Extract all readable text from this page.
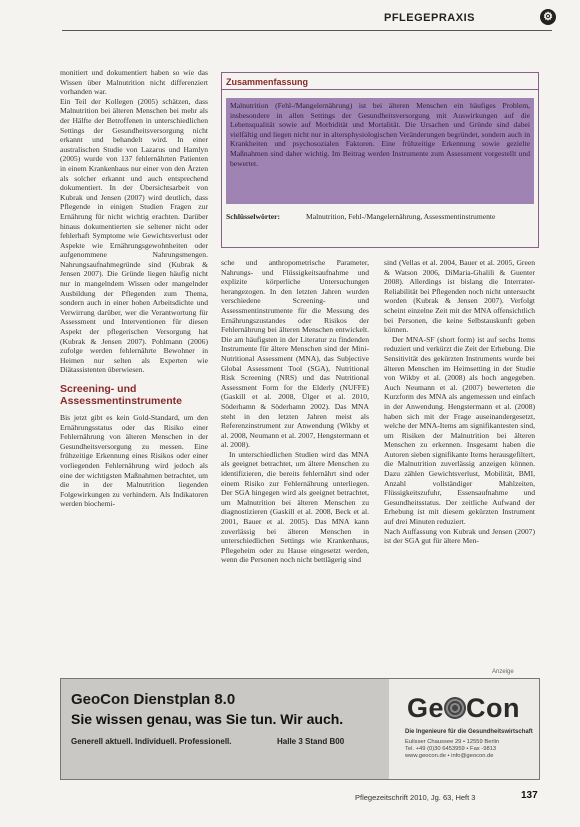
PFLEGEPRAXIS	⚙

monitiert und dokumentiert haben so wie das Wissen über Malnutrition nicht differenziert vorhanden war.

Ein Teil der Kollegen (2005) schätzen, dass Malnutrition bei älteren Menschen bei mehr als der Hälfte der Betroffenen in unterschiedlichen Settings der Gesundheitsversorgung nicht erkannt und behandelt wird. In einer australischen Studie von Lazarus und Hamlyn (2005) wurde von 137 fehlernährten Patienten in einem Krankenhaus nur einer von den Ärzten als solcher erkannt und auch entsprechend dokumentiert. In der Übersichtsarbeit von Kubrak und Jensen (2007) wird deutlich, dass Pflegende in einigen Studien Fragen zur Ernährung für nicht wichtig erachten. Darüber hinaus dokumentierten sie seltener nicht oder fehlerhaft Symptome wie Gewichtsverlust oder Aspekte wie Ernährungsgewohnheiten oder aufgenommene Nahrungsmengen. Nahrungsaufnahmegründe sind (Kubrak & Jensen 2007). Die Gründe liegen häufig nicht nur in mangelndem Wissen oder mangelnder Ausbildung der Pflegenden zum Thema, sondern auch in einer hohen Arbeitsdichte und Verwirrung darüber, wer die Verantwortung für Assessment und Interventionen für diesen Aspekt der pflegerischen Versorgung hat (Kubrak & Jensen 2007). Pohlmann (2006) zufolge werden fehlernährte Bewohner in Heimen nur selten als Experten wie Diätassistenten überwiesen.

Screening- und Assessmentinstrumente

Bis jetzt gibt es kein Gold-Standard, um den Ernährungsstatus oder das Risiko einer Fehlernährung von älteren Menschen in der Gesundheitsversorgung zu messen. Eine frühzeitige Erkennung eines Risikos oder einer vorliegenden Fehlernährung wird jedoch als eine der wichtigsten Maßnahmen betrachtet, um die in der Malnutrition liegenden Folgewirkungen zu verhindern. Als Indikatoren werden biochemi-

Zusammenfassung
Malnutrition (Fehl-/Mangelernährung) ist bei älteren Menschen ein häufiges Problem, insbesondere in allen Settings der Gesundheitsversorgung mit Auswirkungen auf die Lebensqualität sowie auf Morbidität und Mortalität. Die Ursachen und Gründe sind dabei vielfältig und liegen nicht nur in altersphysiologischen Veränderungen begründet, sondern auch in Krankheiten und psychosozialen Faktoren. Eine frühzeitige Erkennung sowie gezielte Maßnahmen sind daher wichtig. Im Beitrag werden Instrumente zum Assessment vorgestellt und bewertet.
Schlüsselwörter:	Malnutrition, Fehl-/Mangelernährung, Assessmentinstrumente

sche und anthropometrische Parameter, Nahrungs- und Flüssigkeitsaufnahme und explizite körperliche Untersuchungen herangezogen. In den letzten Jahren wurden verschiedene Screening- und Assessmentinstrumente für die Messung des Ernährungszustandes oder Risikos der Fehlernährung bei älteren Menschen entwickelt. Die am häufigsten in der Literatur zu findenden Instrumente für ältere Menschen sind der Mini-Nutritional Assessment (MNA), das Subjective Global Assessment Tool (SGA), Nutritional Risk Screening (NRS) und das Nutritional Assessment Form for the Elderly (NUFFE) (Gaskill et al. 2008, Ülger et al. 2010, Söderhamn & Söderhamn 2002). Das MNA steht in den letzten Jahren meist als Referenzinstrument zur Anwendung (Wikby et al. 2008, Neumann et al. 2007, Hengstermann et al. 2008).

In unterschiedlichen Studien wird das MNA als geeignet betrachtet, um ältere Menschen zu identifizieren, die bereits fehlernährt sind oder einem Risiko zur Fehlernährung unterliegen. Der SGA hingegen wird als geeignet betrachtet, um Malnutrition bei älteren Menschen zu diagnostizieren (Gaskill et al. 2008, Beck et al. 2001, Bauer et al. 2005). Das MNA kann zuverlässig bei älteren Menschen in unterschiedlichen Settings wie Krankenhaus, Pflegeheim oder zu Hause eingesetzt werden, wenn die Personen noch nicht bettlägerig sind

sind (Vellas et al. 2004, Bauer et al. 2005, Green & Watson 2006, DiMaria-Ghalili & Guenter 2008). Allerdings ist bislang die Interrater-Reliabilität bei Pflegenden noch nicht untersucht worden (Kubrak & Jensen 2007). Verfolgt scheint einzelne Zeit mit der MNA offensichtlich bei Personen, die keine Selbstauskunft geben können.

Der MNA-SF (short form) ist auf sechs Items reduziert und verkürzt die Zeit der Erhebung. Die Sensitivität des gekürzten Instruments wurde bei älteren Menschen im Heimsetting in der Studie von Wikby et al. (2008) als hoch angegeben. Auch Neumann et al. (2007) bewerteten die Kurzform des MNA als angemessen und einfach in der Anwendung. Hengstermann et al. (2008) haben sich mit der Frage auseinandergesetzt, welche der MNA-Items am signifikantesten sind, um Risiken der Malnutrition bei älteren Menschen zu erkennen. Insgesamt haben die Autoren sieben signifikante Items herausgefiltert, die Malnutrition zuverlässig anzeigen können. Dazu zählen Gewichtsverlust, Mobilität, BMI, Anzahl vollständiger Mahlzeiten, Flüssigkeitszufuhr, Essensaufnahme und Gesundheitsstatus. Der zeitliche Aufwand der Erhebung ist mit diesem gekürzten Instrument auf drei Minuten reduziert.

Nach Auffassung von Kubrak und Jensen (2007) ist der SGA gut für ältere Men-

Anzeige
GeoCon Dienstplan 8.0
Sie wissen genau, was Sie tun. Wir auch.
Generell aktuell. Individuell. Professionell.	Halle 3 Stand B00
Ge Con
Die Ingenieure für die Gesundheitswirtschaft
Eulisser Chaussee 29 • 12559 Berlin
Tel. +49 (0)30 6453959 • Fax -9813
www.geocon.de • info@geocon.de
Pflegezeitschrift 2010, Jg. 63, Heft 3	137
